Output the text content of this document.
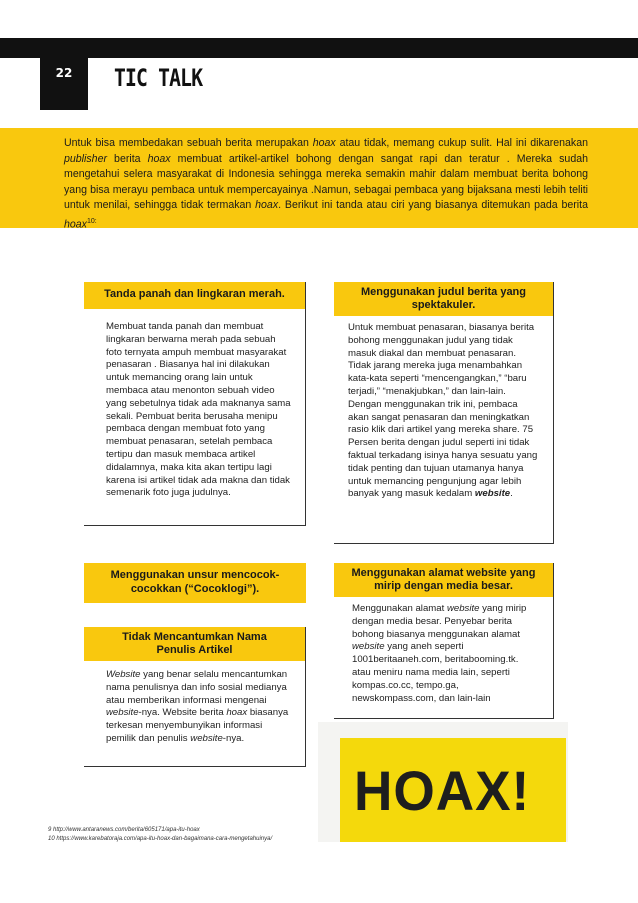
22	TIC TALK
Untuk bisa membedakan sebuah berita merupakan hoax atau tidak, memang cukup sulit. Hal ini dikarenakan publisher berita hoax membuat artikel-artikel bohong dengan sangat rapi dan teratur . Mereka sudah mengetahui selera masyarakat di Indonesia sehingga mereka semakin mahir dalam membuat berita bohong yang bisa merayu pembaca untuk mempercayainya .Namun, sebagai pembaca yang bijaksana mesti lebih teliti untuk menilai, sehingga tidak termakan hoax. Berikut ini tanda atau ciri yang biasanya ditemukan pada berita hoax$^{10:}$
Tanda panah dan lingkaran merah.
Membuat tanda panah dan membuat lingkaran berwarna merah pada sebuah foto ternyata ampuh membuat masyarakat penasaran . Biasanya hal ini dilakukan untuk memancing orang lain untuk membaca atau menonton sebuah video yang sebetulnya tidak ada maknanya sama sekali. Pembuat berita berusaha menipu pembaca dengan membuat foto yang membuat penasaran, setelah pembaca tertipu dan masuk membaca artikel didalamnya, maka kita akan tertipu lagi karena isi artikel tidak ada makna dan tidak semenarik foto juga judulnya.
Menggunakan judul berita yang spektakuler.
Untuk membuat penasaran, biasanya berita bohong menggunakan judul yang tidak masuk diakal dan membuat penasaran. Tidak jarang mereka juga menambahkan kata-kata seperti “mencengangkan,” “baru terjadi,” “menakjubkan,” dan lain-lain. Dengan menggunakan trik ini, pembaca akan sangat penasaran dan meningkatkan rasio klik dari artikel yang mereka share. 75 Persen berita dengan judul seperti ini tidak faktual terkadang isinya hanya sesuatu yang tidak penting dan tujuan utamanya hanya untuk memancing pengunjung agar lebih banyak yang masuk kedalam website.
Menggunakan unsur mencocok-cocokkan (“Cocoklogi”).
Tidak Mencantumkan Nama Penulis Artikel
Website yang benar selalu mencantumkan nama penulisnya dan info sosial medianya atau memberikan informasi mengenai website-nya. Website berita hoax biasanya terkesan menyembunyikan informasi pemilik dan penulis website-nya.
Menggunakan alamat website yang mirip dengan media besar.
Menggunakan alamat website yang mirip dengan media besar. Penyebar berita bohong biasanya menggunakan alamat website yang aneh seperti 1001beritaaneh.com, beritabooming.tk. atau meniru nama media lain, seperti kompas.co.cc, tempo.ga, newskompass.com, dan lain-lain
HOAX!
9 http://www.antaranews.com/berita/605171/apa-itu-hoax
10 https://www.karebatoraja.com/apa-itu-hoax-dan-bagaimana-cara-mengetahuinya/
